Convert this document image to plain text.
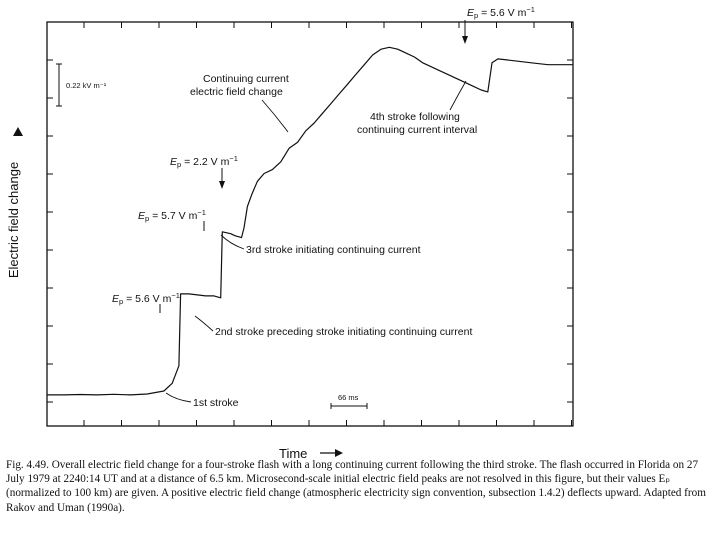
0.22 kV m⁻¹
66 ms
Ep = 5.6 V $m^{-1}$
Ep = 5.7 V $m^{-1}$
Ep = 2.2 V $m^{-1}$
Ep = 5.6 V $m^{-1}$
Continuing current
electric field change
4th stroke following
continuing current interval
3rd stroke initiating continuing current
2nd stroke preceding stroke initiating continuing current
1st stroke
Electric field change
Time
Fig. 4.49. Overall electric field change for a four-stroke flash with a long continuing current following the third stroke. The flash occurred in Florida on 27 July 1979 at 2240:14 UT and at a distance of 6.5 km. Microsecond-scale initial electric field peaks are not resolved in this figure, but their values Eₚ (normalized to 100 km) are given. A positive electric field change (atmospheric electricity sign convention, subsection 1.4.2) deflects upward. Adapted from Rakov and Uman (1990a).
